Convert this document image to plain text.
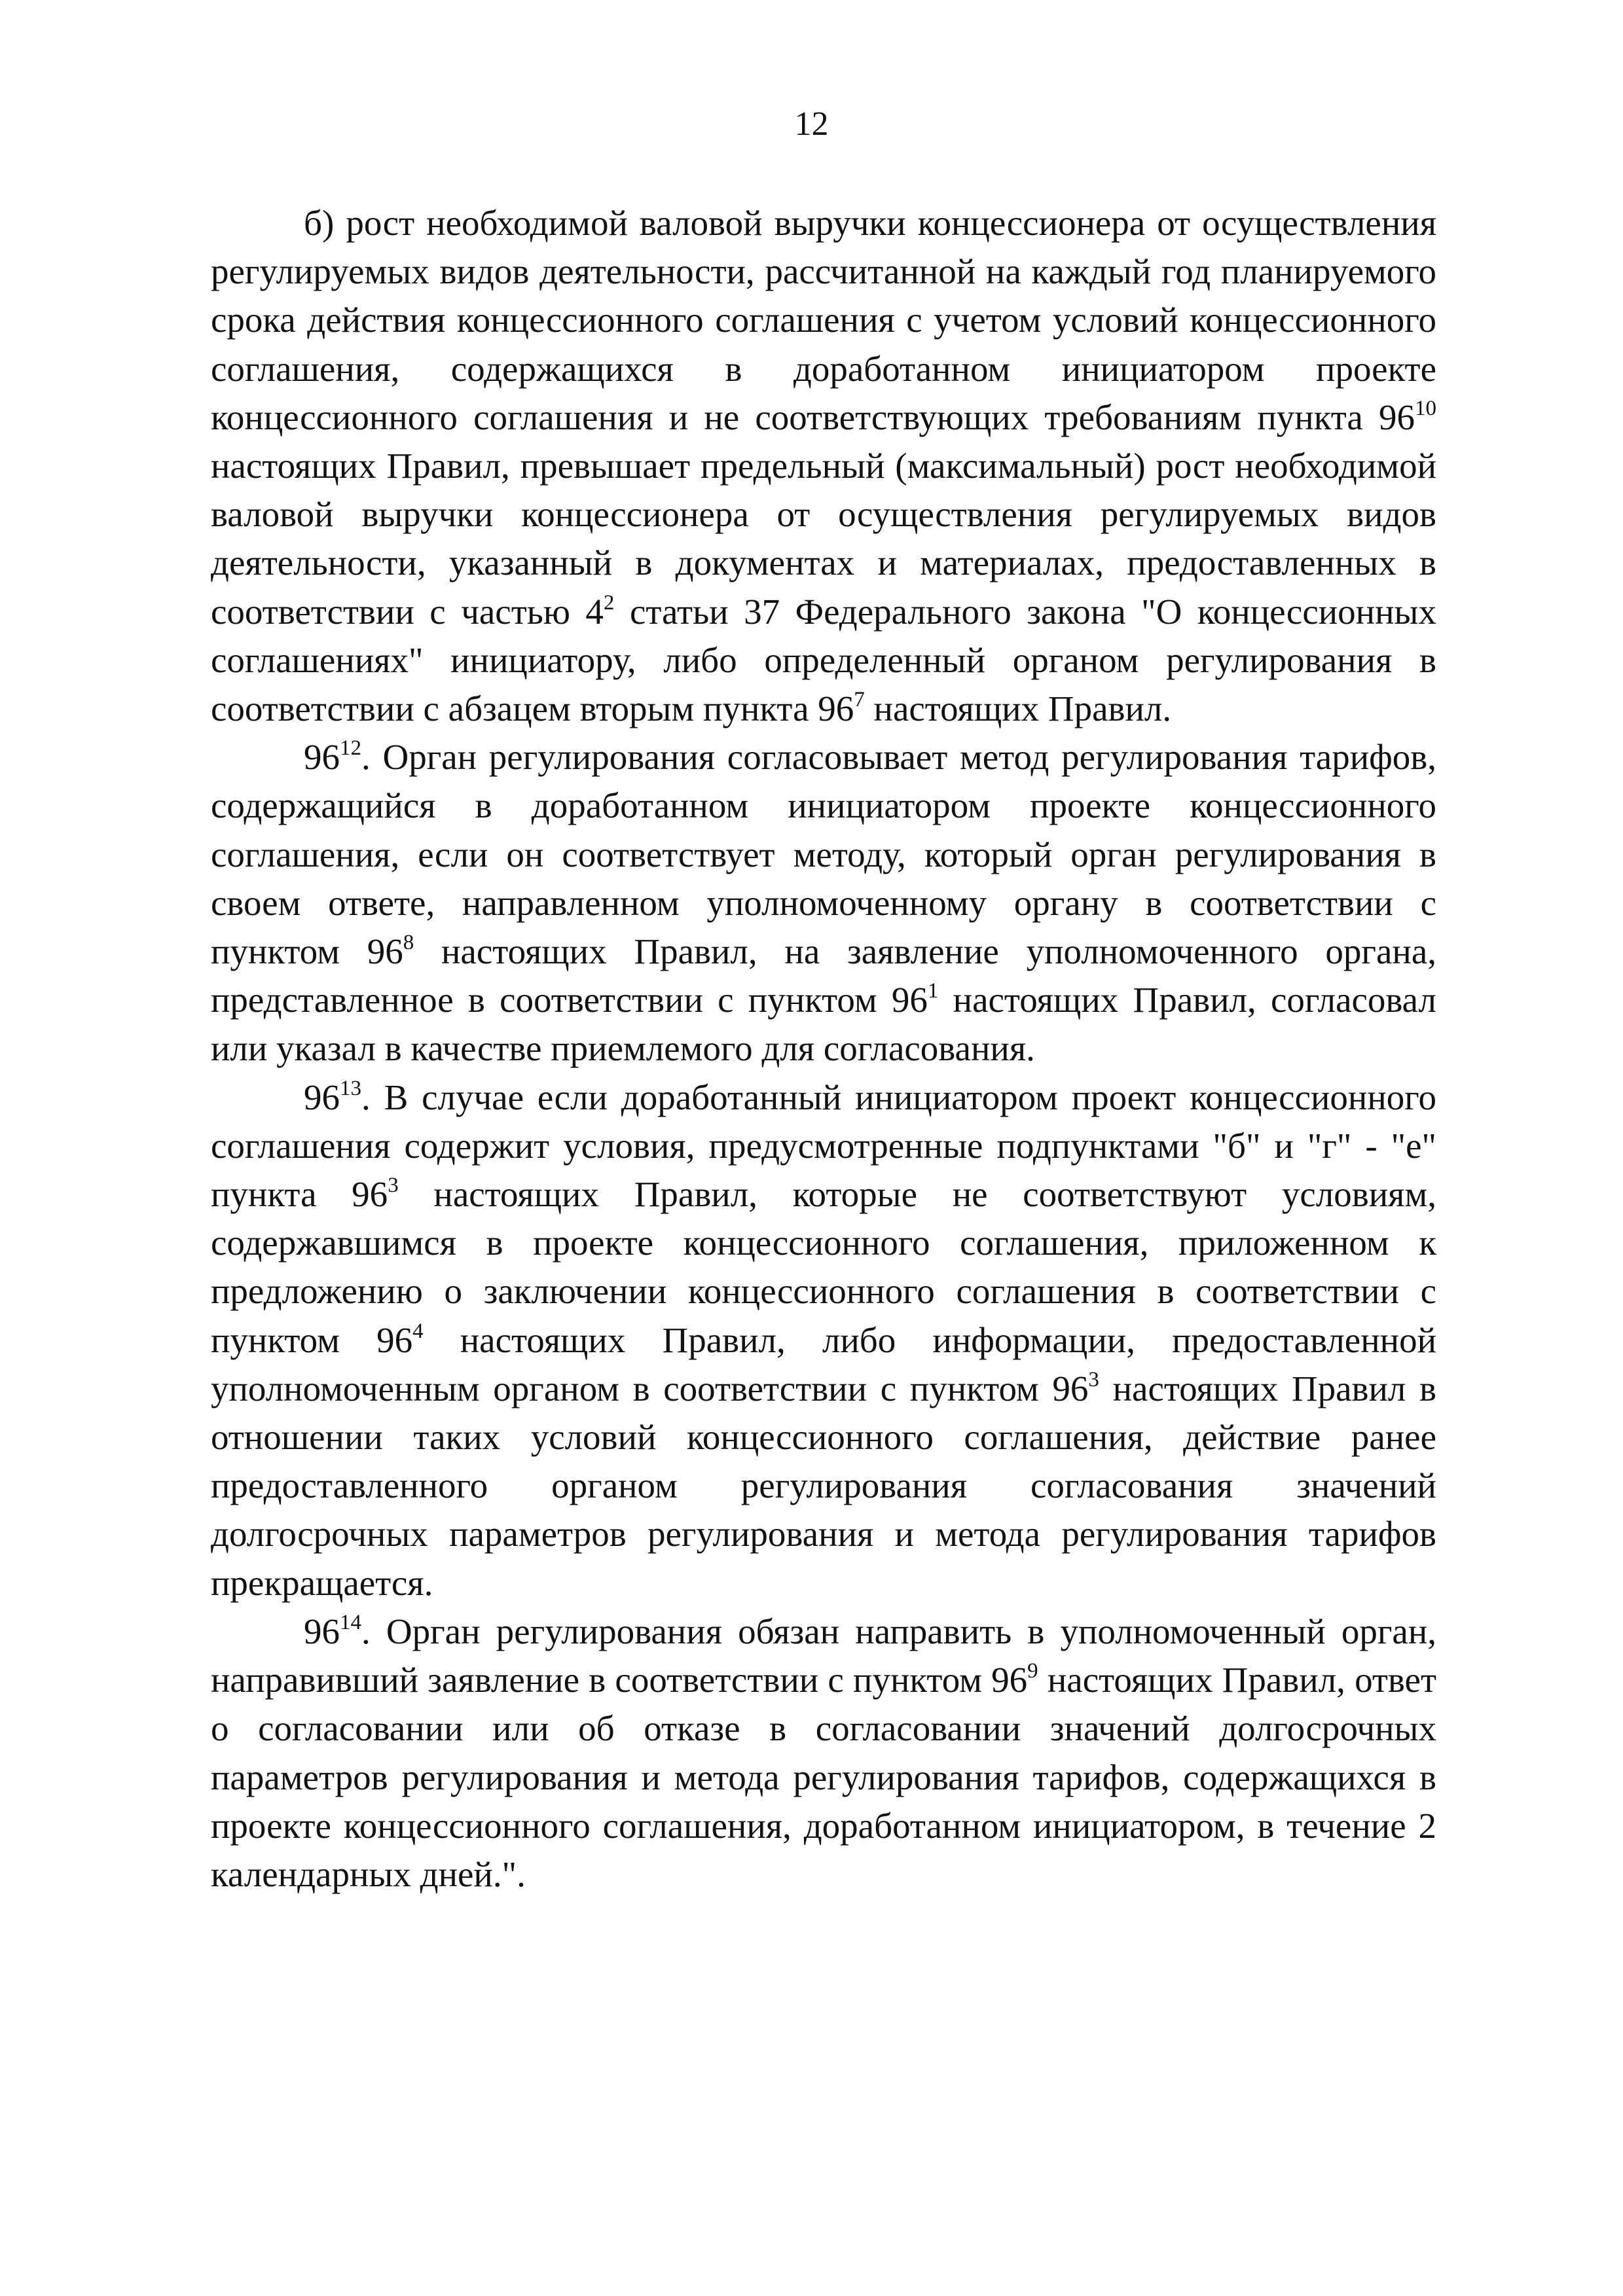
12

б) рост необходимой валовой выручки концессионера от осуществления регулируемых видов деятельности, рассчитанной на каждый год планируемого срока действия концессионного соглашения с учетом условий концессионного соглашения, содержащихся в доработанном инициатором проекте концессионного соглашения и не соответствующих требованиям пункта $96^{10}$ настоящих Правил, превышает предельный (максимальный) рост необходимой валовой выручки концессионера от осуществления регулируемых видов деятельности, указанный в документах и материалах, предоставленных в соответствии с частью $4^2$ статьи 37 Федерального закона "О концессионных соглашениях" инициатору, либо определенный органом регулирования в соответствии с абзацем вторым пункта $96^7$ настоящих Правил.

$96^{12}$. Орган регулирования согласовывает метод регулирования тарифов, содержащийся в доработанном инициатором проекте концессионного соглашения, если он соответствует методу, который орган регулирования в своем ответе, направленном уполномоченному органу в соответствии с пунктом $96^8$ настоящих Правил, на заявление уполномоченного органа, представленное в соответствии с пунктом $96^1$ настоящих Правил, согласовал или указал в качестве приемлемого для согласования.

$96^{13}$. В случае если доработанный инициатором проект концессионного соглашения содержит условия, предусмотренные подпунктами "б" и "г" - "е" пункта $96^3$ настоящих Правил, которые не соответствуют условиям, содержавшимся в проекте концессионного соглашения, приложенном к предложению о заключении концессионного соглашения в соответствии с пунктом $96^4$ настоящих Правил, либо информации, предоставленной уполномоченным органом в соответствии с пунктом $96^3$ настоящих Правил в отношении таких условий концессионного соглашения, действие ранее предоставленного органом регулирования согласования значений долгосрочных параметров регулирования и метода регулирования тарифов прекращается.

$96^{14}$. Орган регулирования обязан направить в уполномоченный орган, направивший заявление в соответствии с пунктом $96^9$ настоящих Правил, ответ о согласовании или об отказе в согласовании значений долгосрочных параметров регулирования и метода регулирования тарифов, содержащихся в проекте концессионного соглашения, доработанном инициатором, в течение 2 календарных дней.".
